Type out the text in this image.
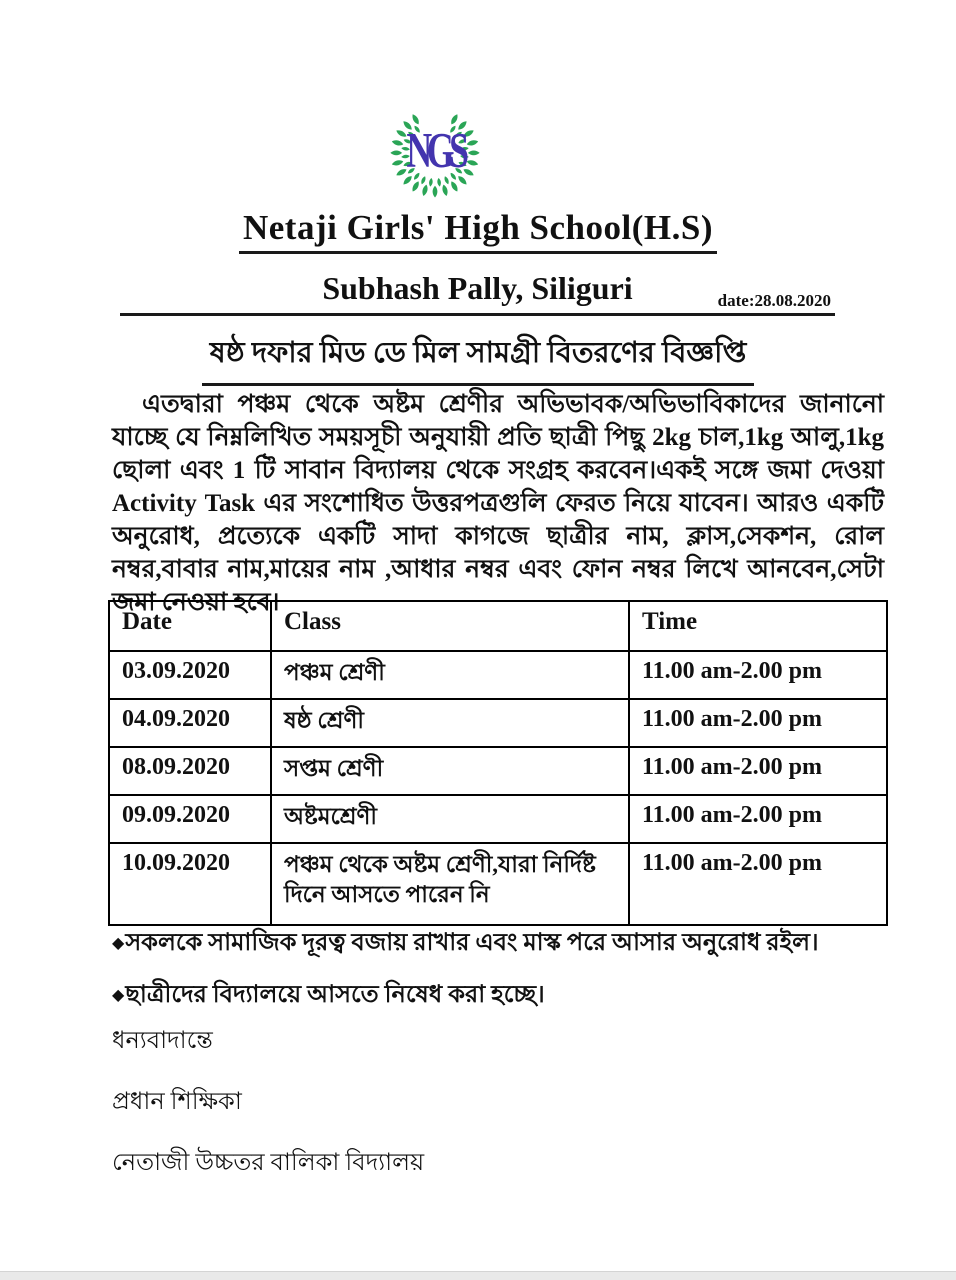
NGS
Netaji Girls' High School(H.S)
Subhash Pally, Siliguri	date:28.08.2020
ষষ্ঠ দফার মিড ডে মিল সামগ্রী বিতরণের বিজ্ঞপ্তি
এতদ্বারা পঞ্চম থেকে অষ্টম শ্রেণীর অভিভাবক/অভিভাবিকাদের জানানো যাচ্ছে যে নিম্নলিখিত সময়সূচী অনুযায়ী প্রতি ছাত্রী পিছু 2kg চাল,1kg আলু,1kg ছোলা এবং 1 টি সাবান বিদ্যালয় থেকে সংগ্রহ করবেন।একই সঙ্গে জমা দেওয়া Activity Task এর সংশোধিত উত্তরপত্রগুলি ফেরত নিয়ে যাবেন। আরও একটি অনুরোধ, প্রত্যেকে একটি সাদা কাগজে ছাত্রীর নাম, ক্লাস,সেকশন, রোল নম্বর,বাবার নাম,মায়ের নাম ,আধার নম্বর এবং ফোন নম্বর লিখে আনবেন,সেটা জমা নেওয়া হবে।
Date	Class	Time
03.09.2020	পঞ্চম শ্রেণী	11.00 am-2.00 pm
04.09.2020	ষষ্ঠ শ্রেণী	11.00 am-2.00 pm
08.09.2020	সপ্তম শ্রেণী	11.00 am-2.00 pm
09.09.2020	অষ্টমশ্রেণী	11.00 am-2.00 pm
10.09.2020	পঞ্চম থেকে অষ্টম শ্রেণী,যারা নির্দিষ্ট দিনে আসতে পারেন নি	11.00 am-2.00 pm
◆সকলকে সামাজিক দূরত্ব বজায় রাখার এবং মাস্ক পরে আসার অনুরোধ রইল।
◆ছাত্রীদের বিদ্যালয়ে আসতে নিষেধ করা হচ্ছে।
ধন্যবাদান্তে
প্রধান শিক্ষিকা
নেতাজী উচ্চতর বালিকা বিদ্যালয়
